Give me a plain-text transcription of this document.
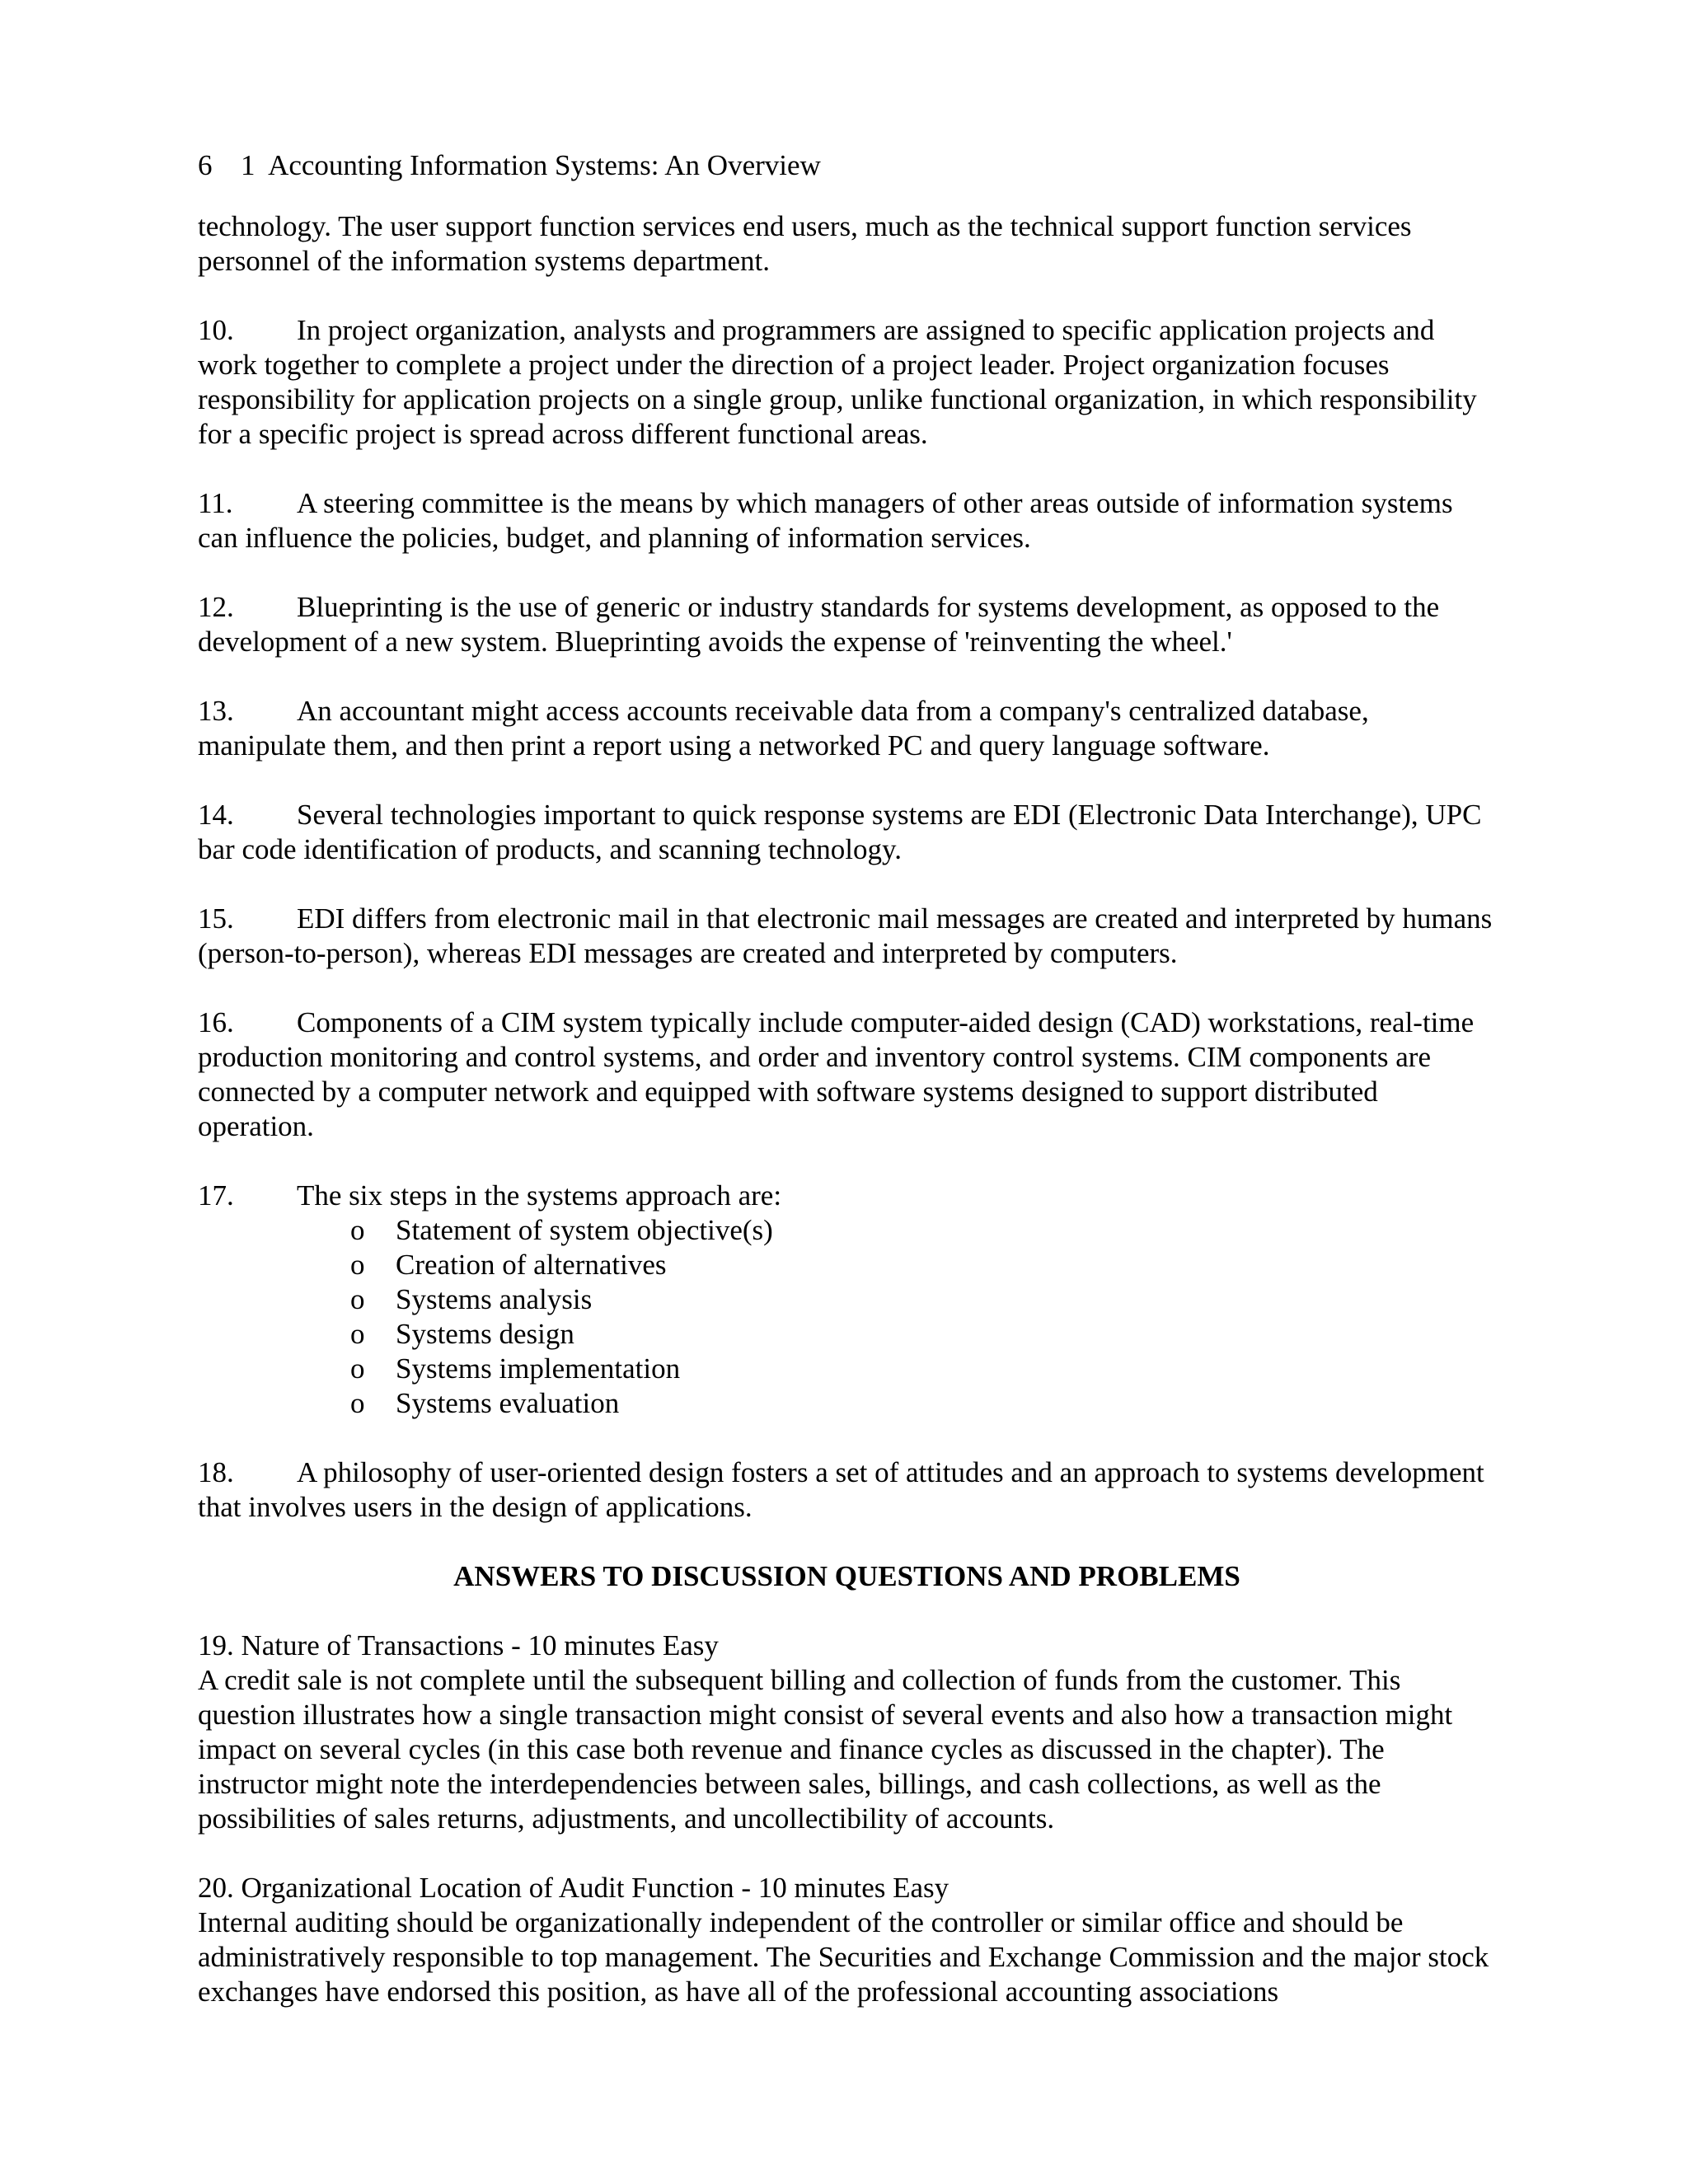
6 1 Accounting Information Systems: An Overview

technology. The user support function services end users, much as the technical support function services personnel of the information systems department.

10. In project organization, analysts and programmers are assigned to specific application projects and work together to complete a project under the direction of a project leader. Project organization focuses responsibility for application projects on a single group, unlike functional organization, in which responsibility for a specific project is spread across different functional areas.

11. A steering committee is the means by which managers of other areas outside of information systems can influence the policies, budget, and planning of information services.

12. Blueprinting is the use of generic or industry standards for systems development, as opposed to the development of a new system. Blueprinting avoids the expense of 'reinventing the wheel.'

13. An accountant might access accounts receivable data from a company's centralized database, manipulate them, and then print a report using a networked PC and query language software.

14. Several technologies important to quick response systems are EDI (Electronic Data Interchange), UPC bar code identification of products, and scanning technology.

15. EDI differs from electronic mail in that electronic mail messages are created and interpreted by humans (person-to-person), whereas EDI messages are created and interpreted by computers.

16. Components of a CIM system typically include computer-aided design (CAD) workstations, real-time production monitoring and control systems, and order and inventory control systems. CIM components are connected by a computer network and equipped with software systems designed to support distributed operation.

17. The six steps in the systems approach are:

o	Statement of system objective(s)
o	Creation of alternatives
o	Systems analysis
o	Systems design
o	Systems implementation
o	Systems evaluation

18. A philosophy of user-oriented design fosters a set of attitudes and an approach to systems development that involves users in the design of applications.

ANSWERS TO DISCUSSION QUESTIONS AND PROBLEMS

19. Nature of Transactions - 10 minutes Easy

A credit sale is not complete until the subsequent billing and collection of funds from the customer. This question illustrates how a single transaction might consist of several events and also how a transaction might impact on several cycles (in this case both revenue and finance cycles as discussed in the chapter). The instructor might note the interdependencies between sales, billings, and cash collections, as well as the possibilities of sales returns, adjustments, and uncollectibility of accounts.

20. Organizational Location of Audit Function - 10 minutes Easy

Internal auditing should be organizationally independent of the controller or similar office and should be administratively responsible to top management. The Securities and Exchange Commission and the major stock exchanges have endorsed this position, as have all of the professional accounting associations
